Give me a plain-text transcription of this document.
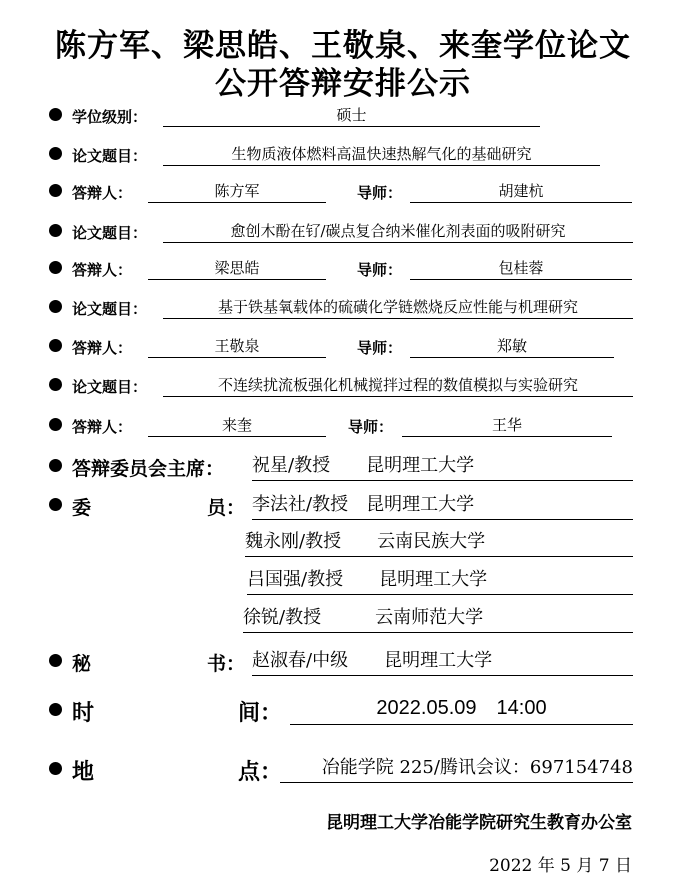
陈方军、梁思皓、王敬泉、来奎学位论文
公开答辩安排公示
学位级别：	硕士
论文题目：	生物质液体燃料高温快速热解气化的基础研究
答辩人：	陈方军	导师：	胡建杭
论文题目：	愈创木酚在钌/碳点复合纳米催化剂表面的吸附研究
答辩人：	梁思皓	导师：	包桂蓉
论文题目：	基于铁基氧载体的硫磺化学链燃烧反应性能与机理研究
答辩人：	王敬泉	导师：	郑敏
论文题目：	不连续扰流板强化机械搅拌过程的数值模拟与实验研究
答辩人：	来奎	导师：	王华
答辩委员会主席： 祝星/教授　　昆明理工大学
委	员： 李法社/教授　昆明理工大学
魏永刚/教授　　云南民族大学
吕国强/教授　　昆明理工大学
徐锐/教授　　　云南师范大学
秘	书： 赵淑春/中级　　昆明理工大学
时	间：	2022.05.09　14:00
地	点：	冶能学院 225/腾讯会议：697154748
昆明理工大学冶能学院研究生教育办公室
2022 年 5 月 7 日
